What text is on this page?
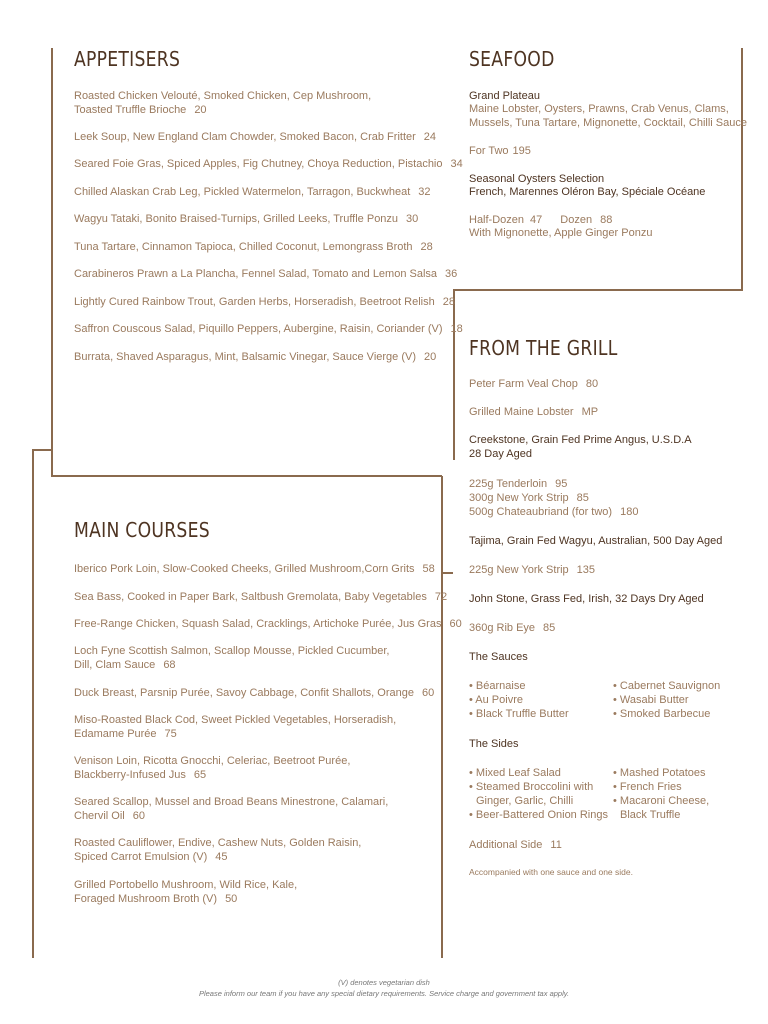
APPETISERS
Roasted Chicken Velouté, Smoked Chicken, Cep Mushroom,
Toasted Truffle Brioche 20
Leek Soup, New England Clam Chowder, Smoked Bacon, Crab Fritter 24
Seared Foie Gras, Spiced Apples, Fig Chutney, Choya Reduction, Pistachio 34
Chilled Alaskan Crab Leg, Pickled Watermelon, Tarragon, Buckwheat 32
Wagyu Tataki, Bonito Braised-Turnips, Grilled Leeks, Truffle Ponzu 30
Tuna Tartare, Cinnamon Tapioca, Chilled Coconut, Lemongrass Broth 28
Carabineros Prawn a La Plancha, Fennel Salad, Tomato and Lemon Salsa 36
Lightly Cured Rainbow Trout, Garden Herbs, Horseradish, Beetroot Relish 28
Saffron Couscous Salad, Piquillo Peppers, Aubergine, Raisin, Coriander (V) 18
Burrata, Shaved Asparagus, Mint, Balsamic Vinegar, Sauce Vierge (V) 20
MAIN COURSES
Iberico Pork Loin, Slow-Cooked Cheeks, Grilled Mushroom,Corn Grits 58
Sea Bass, Cooked in Paper Bark, Saltbush Gremolata, Baby Vegetables 72
Free-Range Chicken, Squash Salad, Cracklings, Artichoke Purée, Jus Gras 60
Loch Fyne Scottish Salmon, Scallop Mousse, Pickled Cucumber,
Dill, Clam Sauce 68
Duck Breast, Parsnip Purée, Savoy Cabbage, Confit Shallots, Orange 60
Miso-Roasted Black Cod, Sweet Pickled Vegetables, Horseradish,
Edamame Purée 75
Venison Loin, Ricotta Gnocchi, Celeriac, Beetroot Purée,
Blackberry-Infused Jus 65
Seared Scallop, Mussel and Broad Beans Minestrone, Calamari,
Chervil Oil 60
Roasted Cauliflower, Endive, Cashew Nuts, Golden Raisin,
Spiced Carrot Emulsion (V) 45
Grilled Portobello Mushroom, Wild Rice, Kale,
Foraged Mushroom Broth (V) 50
SEAFOOD
Grand Plateau
Maine Lobster, Oysters, Prawns, Crab Venus, Clams,
Mussels, Tuna Tartare, Mignonette, Cocktail, Chilli Sauce
For Two 195
Seasonal Oysters Selection
French, Marennes Oléron Bay, Spéciale Océane
Half-Dozen 47 Dozen 88
With Mignonette, Apple Ginger Ponzu
FROM THE GRILL
Peter Farm Veal Chop 80
Grilled Maine Lobster MP
Creekstone, Grain Fed Prime Angus, U.S.D.A
28 Day Aged
225g Tenderloin 95
300g New York Strip 85
500g Chateaubriand (for two) 180
Tajima, Grain Fed Wagyu, Australian, 500 Day Aged
225g New York Strip 135
John Stone, Grass Fed, Irish, 32 Days Dry Aged
360g Rib Eye 85
The Sauces
• Béarnaise
• Au Poivre
• Black Truffle Butter
• Cabernet Sauvignon
• Wasabi Butter
• Smoked Barbecue
The Sides
• Mixed Leaf Salad
• Steamed Broccolini with
Ginger, Garlic, Chilli
• Beer-Battered Onion Rings
• Mashed Potatoes
• French Fries
• Macaroni Cheese,
Black Truffle
Additional Side 11
Accompanied with one sauce and one side.
(V) denotes vegetarian dish
Please inform our team if you have any special dietary requirements. Service charge and government tax apply.
